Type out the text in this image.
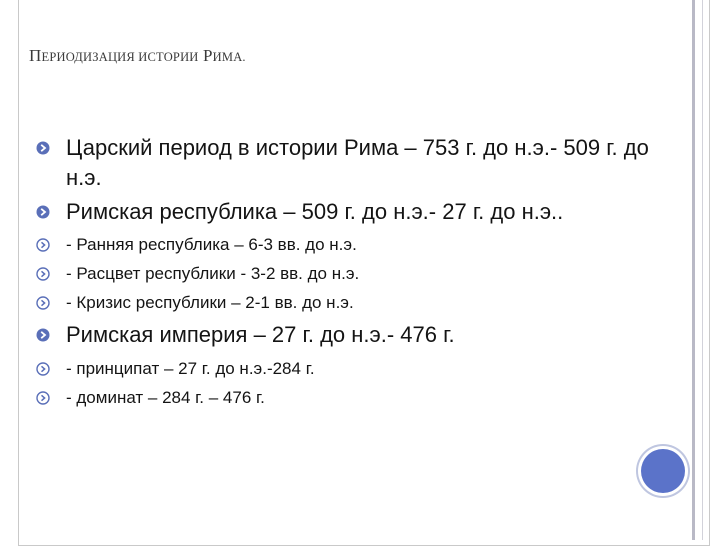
ПЕРИОДИЗАЦИЯ ИСТОРИИ РИМА.
Царский период в истории Рима – 753 г. до н.э.- 509 г. до н.э.
Римская республика – 509 г. до н.э.- 27 г. до н.э..
- Ранняя республика – 6-3 вв. до н.э.
- Расцвет республики - 3-2 вв. до н.э.
- Кризис республики – 2-1 вв. до н.э.
Римская империя – 27 г. до н.э.- 476 г.
- принципат – 27 г. до н.э.-284 г.
- доминат – 284 г. – 476 г.
